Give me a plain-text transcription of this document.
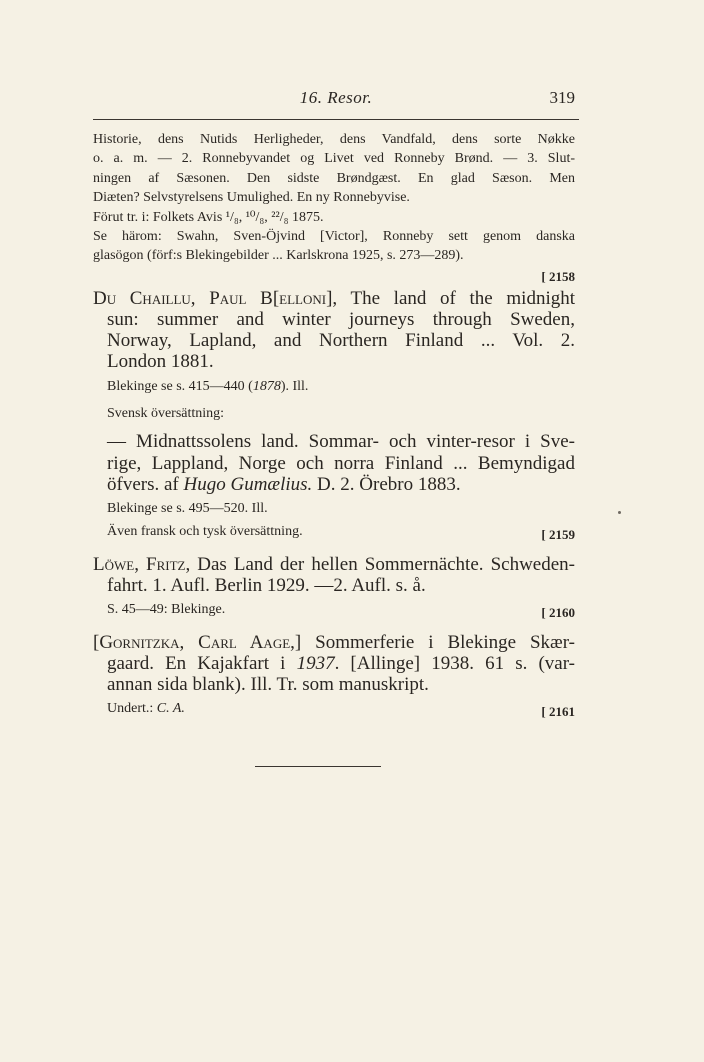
16. Resor.	319
Historie, dens Nutids Herligheder, dens Vandfald, dens sorte Nøkke
o. a. m. — 2. Ronnebyvandet og Livet ved Ronneby Brønd. — 3. Slut-
ningen af Sæsonen. Den sidste Brøndgæst. En glad Sæson. Men
Diæten? Selvstyrelsens Umulighed. En ny Ronnebyvise.
Förut tr. i: Folkets Avis ¹/₈, ¹⁰/₈, ²²/₈ 1875.
Se härom: Swahn, Sven-Öjvind [Victor], Ronneby sett genom danska
glasögon (förf:s Blekingebilder ... Karlskrona 1925, s. 273—289).
[ 2158
Du Chaillu, Paul B[elloni], The land of the midnight
sun: summer and winter journeys through Sweden,
Norway, Lapland, and Northern Finland ... Vol. 2.
London 1881.
Blekinge se s. 415—440 (1878). Ill.
Svensk översättning:
— Midnattssolens land. Sommar- och vinter-resor i Sve-
rige, Lappland, Norge och norra Finland ... Bemyndigad
öfvers. af Hugo Gumælius. D. 2. Örebro 1883.
Blekinge se s. 495—520. Ill.
Även fransk och tysk översättning.	[ 2159
Löwe, Fritz, Das Land der hellen Sommernächte. Schweden-
fahrt. 1. Aufl. Berlin 1929. —2. Aufl. s. å.
S. 45—49: Blekinge.	[ 2160
[Gornitzka, Carl Aage,] Sommerferie i Blekinge Skær-
gaard. En Kajakfart i 1937. [Allinge] 1938. 61 s. (var-
annan sida blank). Ill. Tr. som manuskript.
Undert.: C. A.	[ 2161
